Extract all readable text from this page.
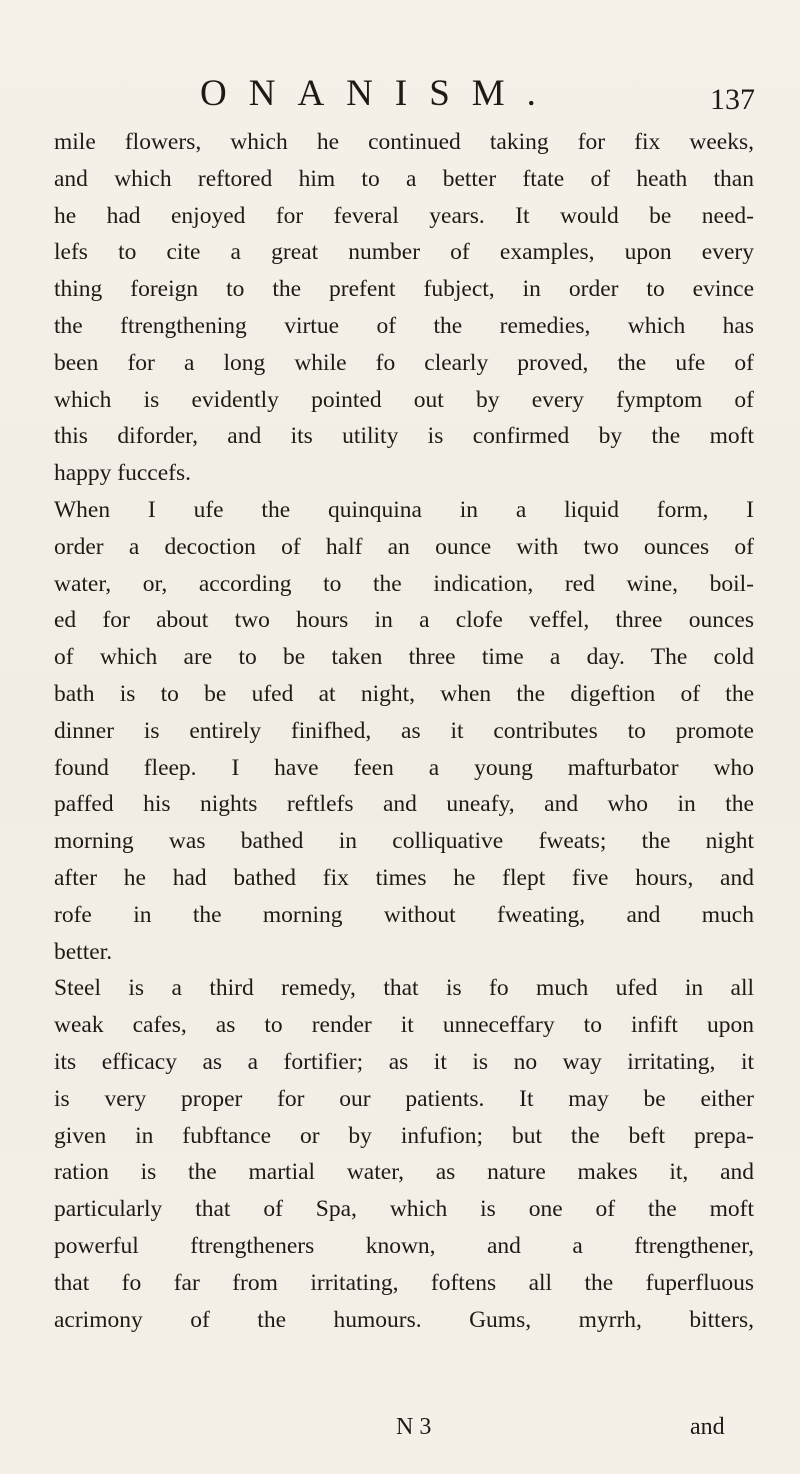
ONANISM.	137
mile flowers, which he continued taking for fix weeks,
and which reftored him to a better ftate of heath than
he had enjoyed for feveral years. It would be need-
lefs to cite a great number of examples, upon every
thing foreign to the prefent fubject, in order to evince
the ftrengthening virtue of the remedies, which has
been for a long while fo clearly proved, the ufe of
which is evidently pointed out by every fymptom of
this diforder, and its utility is confirmed by the moft
happy fuccefs.
When I ufe the quinquina in a liquid form, I
order a decoction of half an ounce with two ounces of
water, or, according to the indication, red wine, boil-
ed for about two hours in a clofe veffel, three ounces
of which are to be taken three time a day. The cold
bath is to be ufed at night, when the digeftion of the
dinner is entirely finifhed, as it contributes to promote
found fleep. I have feen a young mafturbator who
paffed his nights reftlefs and uneafy, and who in the
morning was bathed in colliquative fweats; the night
after he had bathed fix times he flept five hours, and
rofe in the morning without fweating, and much
better.
Steel is a third remedy, that is fo much ufed in all
weak cafes, as to render it unneceffary to infift upon
its efficacy as a fortifier; as it is no way irritating, it
is very proper for our patients. It may be either
given in fubftance or by infufion; but the beft prepa-
ration is the martial water, as nature makes it, and
particularly that of Spa, which is one of the moft
powerful ftrengtheners known, and a ftrengthener,
that fo far from irritating, foftens all the fuperfluous
acrimony of the humours. Gums, myrrh, bitters,
N 3	and
